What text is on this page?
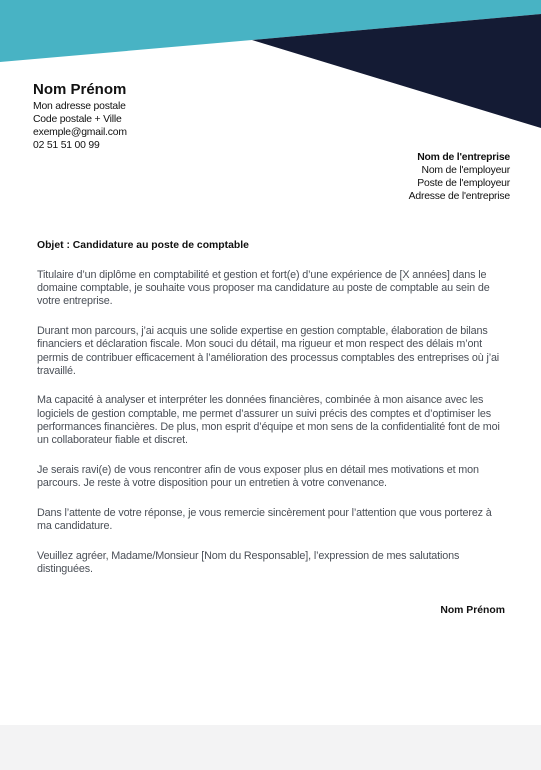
Nom Prénom
Mon adresse postale
Code postale + Ville
exemple@gmail.com
02 51 51 00 99
Nom de l'entreprise
Nom de l'employeur
Poste de l'employeur
Adresse de l'entreprise
Objet : Candidature au poste de comptable

Titulaire d’un diplôme en comptabilité et gestion et fort(e) d’une expérience de [X années] dans le domaine comptable, je souhaite vous proposer ma candidature au poste de comptable au sein de votre entreprise.

Durant mon parcours, j’ai acquis une solide expertise en gestion comptable, élaboration de bilans financiers et déclaration fiscale. Mon souci du détail, ma rigueur et mon respect des délais m’ont permis de contribuer efficacement à l’amélioration des processus comptables des entreprises où j’ai travaillé.

Ma capacité à analyser et interpréter les données financières, combinée à mon aisance avec les logiciels de gestion comptable, me permet d’assurer un suivi précis des comptes et d’optimiser les performances financières. De plus, mon esprit d’équipe et mon sens de la confidentialité font de moi un collaborateur fiable et discret.

Je serais ravi(e) de vous rencontrer afin de vous exposer plus en détail mes motivations et mon parcours. Je reste à votre disposition pour un entretien à votre convenance.

Dans l’attente de votre réponse, je vous remercie sincèrement pour l’attention que vous porterez à ma candidature.

Veuillez agréer, Madame/Monsieur [Nom du Responsable], l’expression de mes salutations distinguées.

Nom Prénom
